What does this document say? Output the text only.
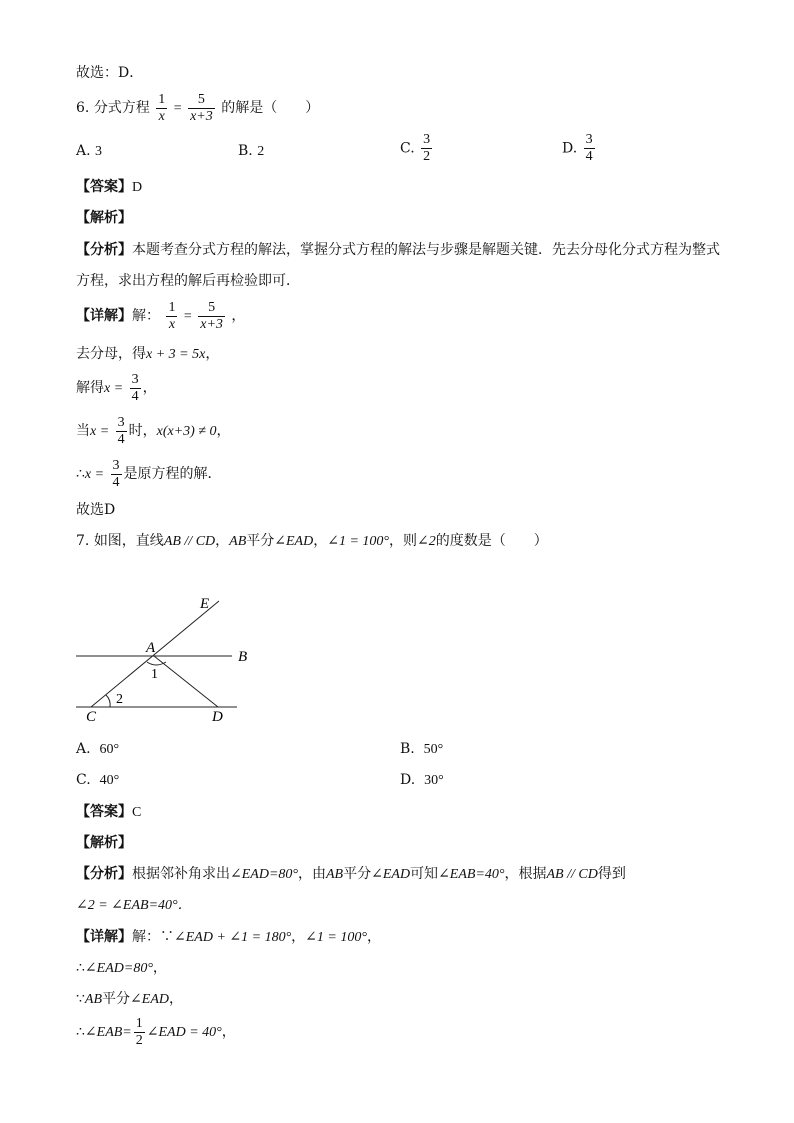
故选：D．
6. 分式方程 $\frac{1}{x} = \frac{5}{x+3}$ 的解是（　　）
A. 3	B. 2	C. $\frac{3}{2}$	D. $\frac{3}{4}$
【答案】D
【解析】
【分析】本题考查分式方程的解法，掌握分式方程的解法与步骤是解题关键．先去分母化分式方程为整式
方程，求出方程的解后再检验即可．
【详解】解： $\frac{1}{x} = \frac{5}{x+3}$ ，
去分母，得x + 3 = 5x，
解得$x = \frac{3}{4}$ ，
当$x = \frac{3}{4}$ 时，x(x+3) ≠ 0，
∴x = $\frac{3}{4}$ 是原方程的解．
故选D
7. 如图，直线AB // CD，AB平分∠EAD，∠1 = 100°，则∠2的度数是（　　）
E
A
B
1
2
C	D
A. 60°	B. 50°
C. 40°	D. 30°
【答案】C
【解析】
【分析】根据邻补角求出∠EAD=80°，由AB平分∠EAD可知∠EAB=40°，根据AB // CD得到
∠2 = ∠EAB=40°．
【详解】解：∵∠EAD + ∠1 = 180°，∠1 = 100°，
∴∠EAD=80°，
∵AB平分∠EAD，
∴∠EAB= $\frac{1}{2}$ ∠EAD = 40°，
